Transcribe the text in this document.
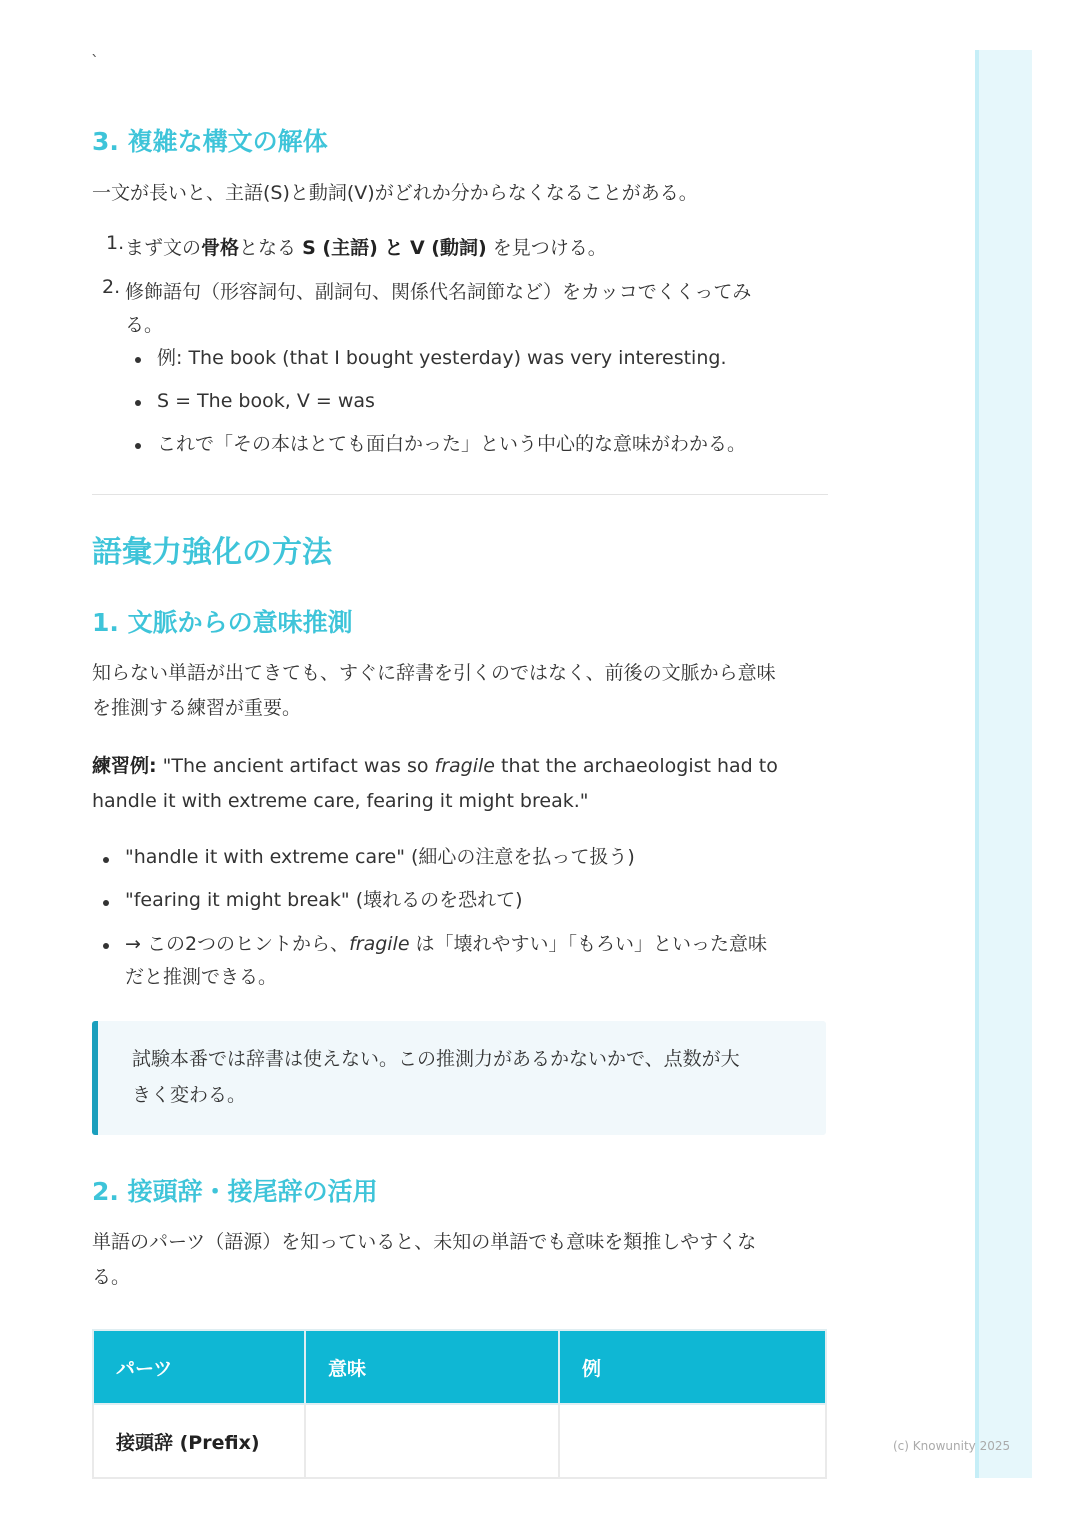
`
3. 複雑な構文の解体

一文が長いと、主語(S)と動詞(V)がどれか分からなくなることがある。

1. まず文の骨格となる S (主語) と V (動詞) を見つける。
2. 修飾語句（形容詞句、副詞句、関係代名詞節など）をカッコでくくってみ
る。
例: The book (that I bought yesterday) was very interesting.
S = The book, V = was
これで「その本はとても面白かった」という中心的な意味がわかる。
語彙力強化の方法
1. 文脈からの意味推測

知らない単語が出てきても、すぐに辞書を引くのではなく、前後の文脈から意味

を推測する練習が重要。

練習例: "The ancient artifact was so fragile that the archaeologist had to

handle it with extreme care, fearing it might break."

"handle it with extreme care" (細心の注意を払って扱う)
"fearing it might break" (壊れるのを恐れて)
→ この2つのヒントから、fragile は「壊れやすい」「もろい」といった意味
だと推測できる。
試験本番では辞書は使えない。この推測力があるかないかで、点数が大
きく変わる。
2. 接頭辞・接尾辞の活用

単語のパーツ（語源）を知っていると、未知の単語でも意味を類推しやすくな

る。

パーツ	意味	例
接頭辞 (Prefix)			(c) Knowunity 2025
